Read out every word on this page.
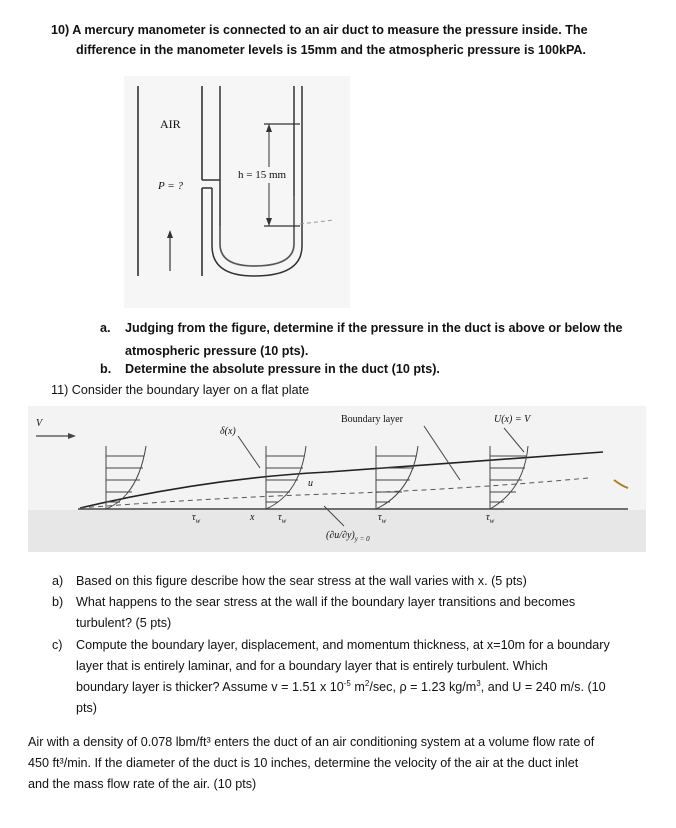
10) A mercury manometer is connected to an air duct to measure the pressure inside. The
difference in the manometer levels is 15mm and the atmospheric pressure is 100kPA.
AIR
P = ?
h = 15 mm
a. Judging from the figure, determine if the pressure in the duct is above or below the
atmospheric pressure (10 pts).
b. Determine the absolute pressure in the duct (10 pts).
11) Consider the boundary layer on a flat plate
V
δ(x)
Boundary layer	U(x) = V
u
x
$\tau_w$	$\tau_w$	$\tau_w$	$\tau_w$
$(\partial u/\partial y)_{y = 0}$
a) Based on this figure describe how the sear stress at the wall varies with x. (5 pts)
b) What happens to the sear stress at the wall if the boundary layer transitions and becomes
turbulent? (5 pts)
c) Compute the boundary layer, displacement, and momentum thickness, at x=10m for a boundary
layer that is entirely laminar, and for a boundary layer that is entirely turbulent. Which
boundary layer is thicker? Assume v = 1.51 x $10^{-5}$ $m^2/\sec$, ρ = 1.23 $kg/m^3$, and U = 240 m/s. (10
pts)
Air with a density of 0.078 lbm/ft³ enters the duct of an air conditioning system at a volume flow rate of
450 ft³/min. If the diameter of the duct is 10 inches, determine the velocity of the air at the duct inlet
and the mass flow rate of the air. (10 pts)
